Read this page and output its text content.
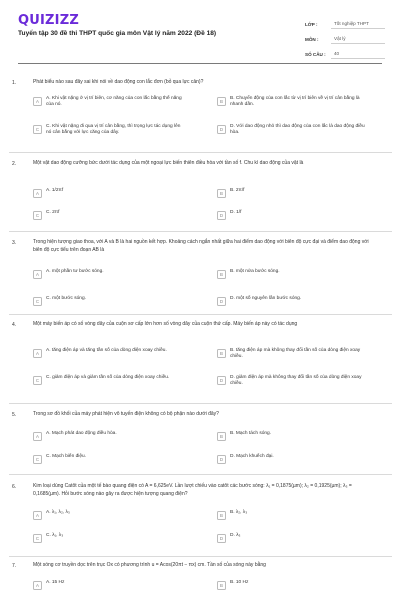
QUIZIZZ
Tuyển tập 30 đề thi THPT quốc gia môn Vật lý năm 2022 (Đề 18)
LỚP :	Tốt nghiệp THPT
MÔN :	Vật lý
SỐ CÂU :	40
1.	Phát biểu nào sau đây sai khi nói về dao động con lắc đơn (bỏ qua lực cản)?
A	A. Khi vật nặng ở vị trí biên, cơ năng của con lắc bằng thế năng của nó.
B	B. Chuyển động của con lắc từ vị trí biên về vị trí cân bằng là nhanh dần.
C	C. Khi vật nặng đi qua vị trí cân bằng, thì trọng lực tác dụng lên nó cân bằng với lực căng của dây.
D	D. Với dao động nhỏ thì dao động của con lắc là dao động điều hòa.
2.	Một vật dao động cưỡng bức dưới tác dụng của một ngoại lực biến thiên điều hòa với tần số f. Chu kì dao động của vật là
A	A. 1/2πf	B	B. 2π/f
C	C. 2πf	D	D. 1/f
3.	Trong hiện tượng giao thoa, với A và B là hai nguồn kết hợp. Khoảng cách ngắn nhất giữa hai điểm dao động với biên độ cực đại và điểm dao động với biên độ cực tiểu trên đoạn AB là
A	A. một phần tư bước sóng.	B	B. một nửa bước sóng.
C	C. một bước sóng.	D	D. một số nguyên lần bước sóng.
4.	Một máy biến áp có số vòng dây của cuộn sơ cấp lớn hơn số vòng dây của cuộn thứ cấp. Máy biến áp này có tác dụng
A	A. tăng điện áp và tăng tần số của dòng điện xoay chiều.	B	B. tăng điện áp mà không thay đổi tần số của dòng điện xoay chiều.
C	C. giảm điện áp và giảm tần số của dòng điện xoay chiều.	D	D. giảm điện áp mà không thay đổi tần số của dòng điện xoay chiều.
5.	Trong sơ đồ khối của máy phát hiện vô tuyến điện không có bộ phận nào dưới đây?
A	A. Mạch phát dao động điều hòa.	B	B. Mạch tách sóng.
C	C. Mạch biến điệu.	D	D. Mạch khuếch đại.
6.	Kim loại dùng Catôt của một tế bào quang điện có A = 6,625eV. Lần lượt chiếu vào catôt các bước sóng: λ₁ = 0,1875(µm); λ₂ = 0,1925(µm); λ₃ = 0,1685(µm). Hỏi bước sóng nào gây ra được hiện tượng quang điện?
A	A. λ₁, λ₂, λ₃	B	B. λ₂, λ₃
C	C. λ₁, λ₃	D	D. λ₃
7.	Một sóng cơ truyền dọc trên trục Ox có phương trình u = Acos(20πt − πx) cm. Tần số của sóng này bằng
A	A. 15 Hz	B	B. 10 Hz
